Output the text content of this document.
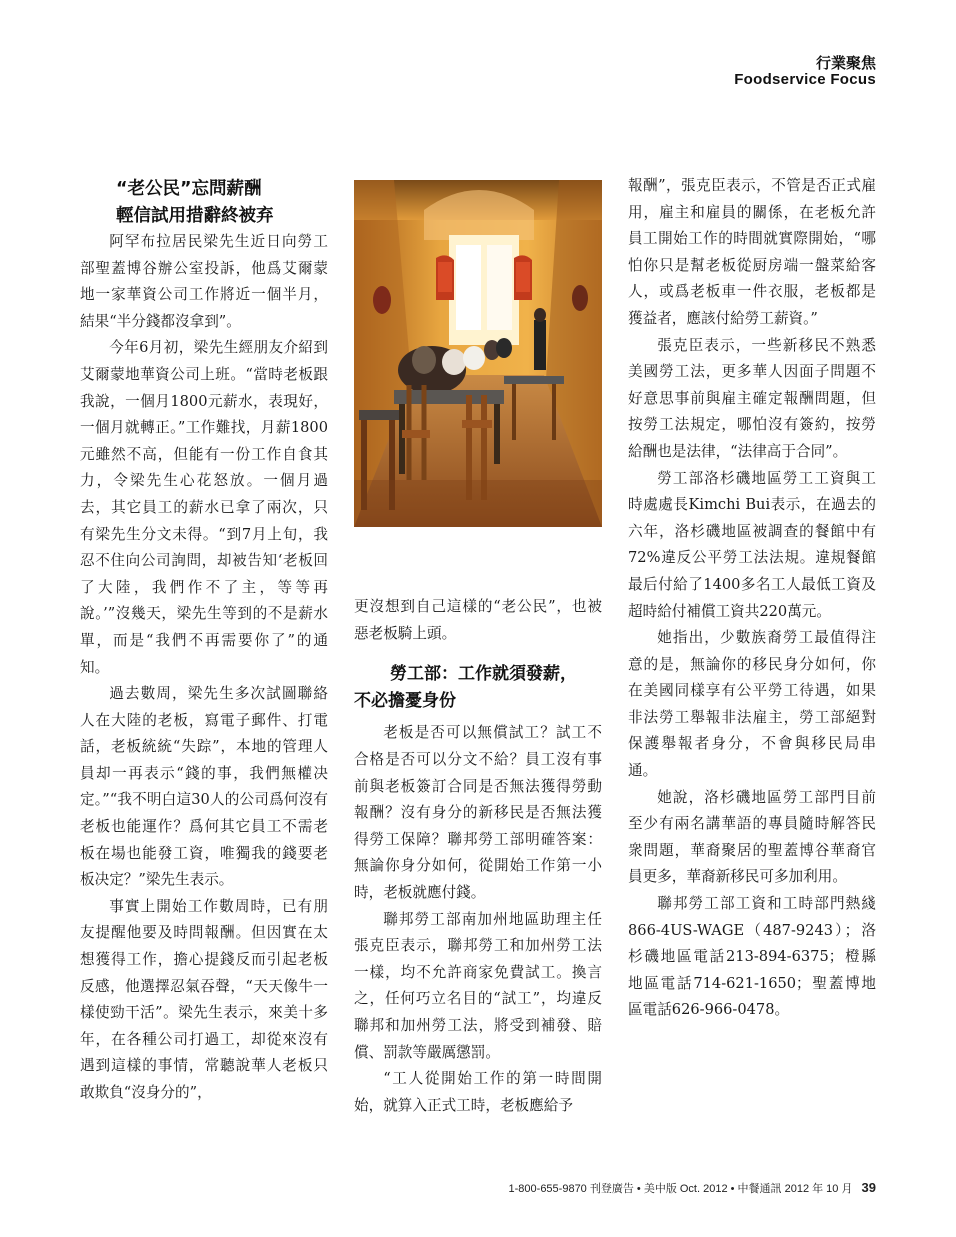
行業聚焦
Foodservice Focus
“老公民”忘問薪酬
輕信試用措辭終被弃

阿罕布拉居民梁先生近日向勞工部聖蓋博谷辦公室投訴，他爲艾爾蒙地一家華資公司工作將近一個半月，結果“半分錢都沒拿到”。

今年6月初，梁先生經朋友介紹到艾爾蒙地華資公司上班。“當時老板跟我說，一個月1800元薪水，表現好，一個月就轉正。”工作難找，月薪1800元雖然不高，但能有一份工作自食其力，令梁先生心花怒放。一個月過去，其它員工的薪水已拿了兩次，只有梁先生分文未得。“到7月上旬，我忍不住向公司詢問，却被告知‘老板回了大陸，我們作不了主，等等再說。’”沒幾天，梁先生等到的不是薪水單，而是“我們不再需要你了”的通知。

過去數周，梁先生多次試圖聯絡人在大陸的老板，寫電子郵件、打電話，老板統統“失踪”，本地的管理人員却一再表示“錢的事，我們無權决定。”“我不明白這30人的公司爲何沒有老板也能運作？爲何其它員工不需老板在場也能發工資，唯獨我的錢要老板决定？”梁先生表示。

事實上開始工作數周時，已有朋友提醒他要及時問報酬。但因實在太想獲得工作，擔心提錢反而引起老板反感，他選擇忍氣吞聲，“天天像牛一樣使勁干活”。梁先生表示，來美十多年，在各種公司打過工，却從來沒有遇到這樣的事情，常聽說華人老板只敢欺負“沒身分的”，

更沒想到自己這樣的“老公民”，也被惡老板騎上頭。

勞工部：工作就須發薪，
不必擔憂身份

老板是否可以無償試工？試工不合格是否可以分文不給？員工沒有事前與老板簽訂合同是否無法獲得勞動報酬？沒有身分的新移民是否無法獲得勞工保障？聯邦勞工部明確答案：無論你身分如何，從開始工作第一小時，老板就應付錢。

聯邦勞工部南加州地區助理主任張克臣表示，聯邦勞工和加州勞工法一樣，均不允許商家免費試工。換言之，任何巧立名目的“試工”，均違反聯邦和加州勞工法，將受到補發、賠償、罰款等嚴厲懲罰。

“工人從開始工作的第一時間開始，就算入正式工時，老板應給予

報酬”，張克臣表示，不管是否正式雇用，雇主和雇員的關係，在老板允許員工開始工作的時間就實際開始，“哪怕你只是幫老板從厨房端一盤菜給客人，或爲老板車一件衣服，老板都是獲益者，應該付給勞工薪資。”

張克臣表示，一些新移民不熟悉美國勞工法，更多華人因面子問題不好意思事前與雇主確定報酬問題，但按勞工法規定，哪怕沒有簽約，按勞給酬也是法律，“法律高于合同”。

勞工部洛杉磯地區勞工工資與工時處處長Kimchi Bui表示，在過去的六年，洛杉磯地區被調查的餐館中有72%違反公平勞工法法規。違規餐館最后付給了1400多名工人最低工資及超時給付補償工資共220萬元。

她指出，少數族裔勞工最值得注意的是，無論你的移民身分如何，你在美國同樣享有公平勞工待遇，如果非法勞工舉報非法雇主，勞工部絕對保護舉報者身分，不會與移民局串通。

她說，洛杉磯地區勞工部門目前至少有兩名講華語的專員隨時解答民衆問題，華裔聚居的聖蓋博谷華裔官員更多，華裔新移民可多加利用。

聯邦勞工部工資和工時部門熱綫866-4US-WAGE（487-9243）；洛杉磯地區電話213-894-6375；橙縣地區電話714-621-1650；聖蓋博地區電話626-966-0478。

1-800-655-9870 刊登廣告 • 美中版 Oct. 2012 • 中餐通訊 2012 年 10 月 39
